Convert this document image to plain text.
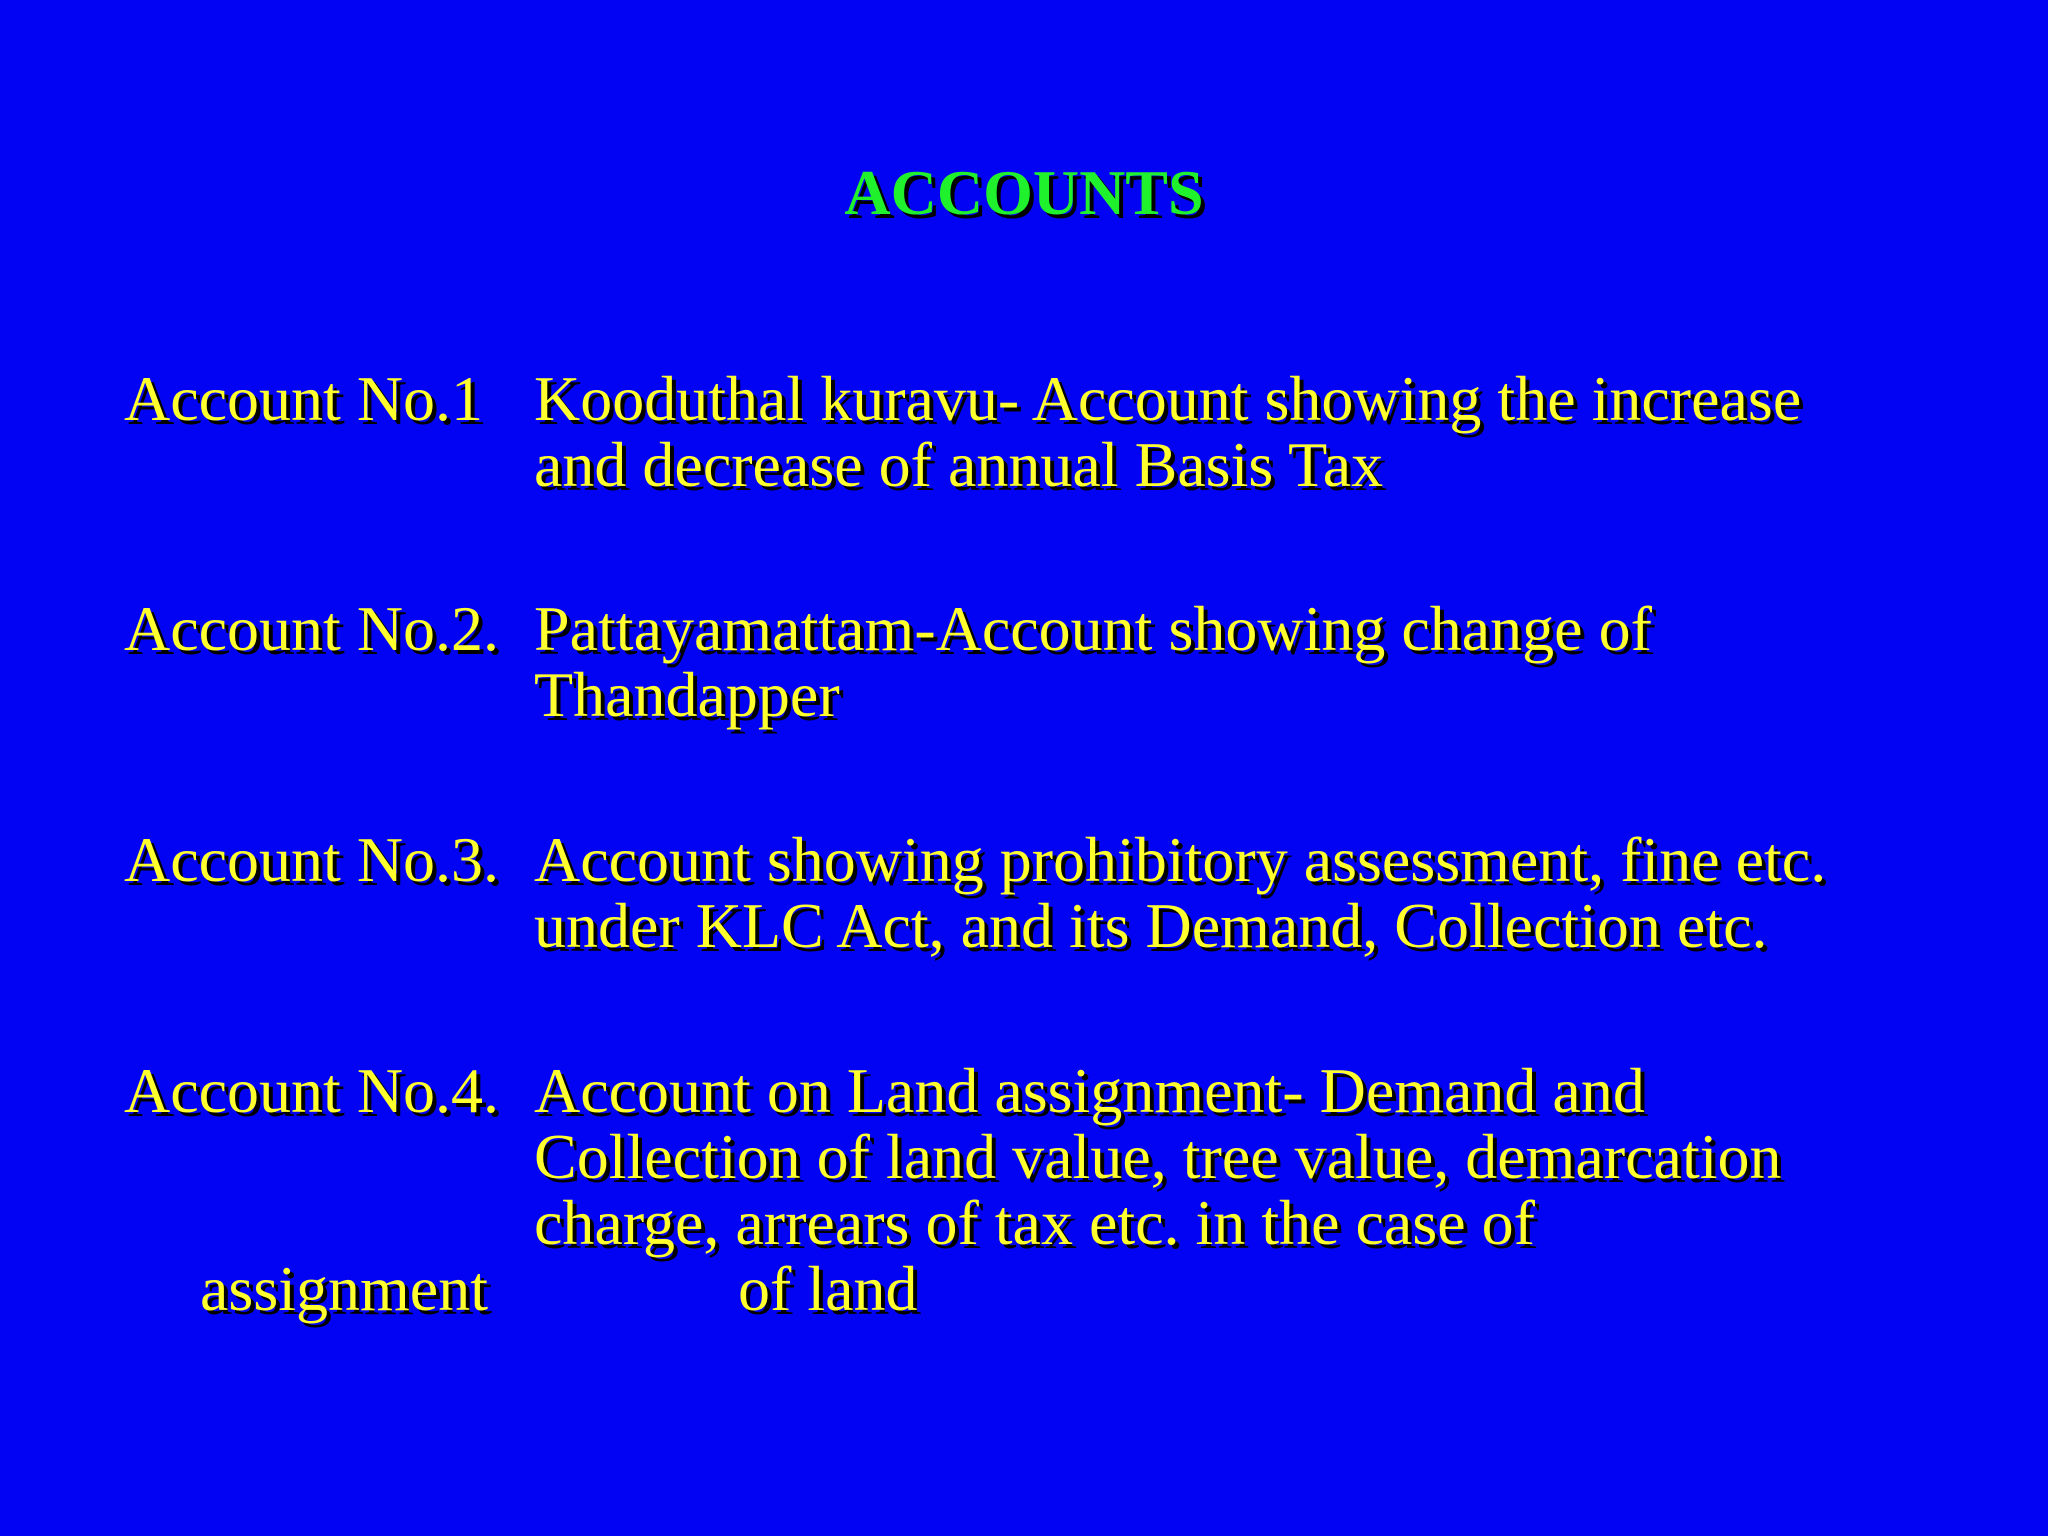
ACCOUNTS
Account No.1 Kooduthal kuravu- Account showing the increase
and decrease of annual Basis Tax
Account No.2. Pattayamattam-Account showing change of
Thandapper
Account No.3. Account showing prohibitory assessment, fine etc.
under KLC Act, and its Demand, Collection etc.
Account No.4. Account on Land assignment- Demand and
Collection of land value, tree value, demarcation
charge, arrears of tax etc. in the case of
assignment	of land
